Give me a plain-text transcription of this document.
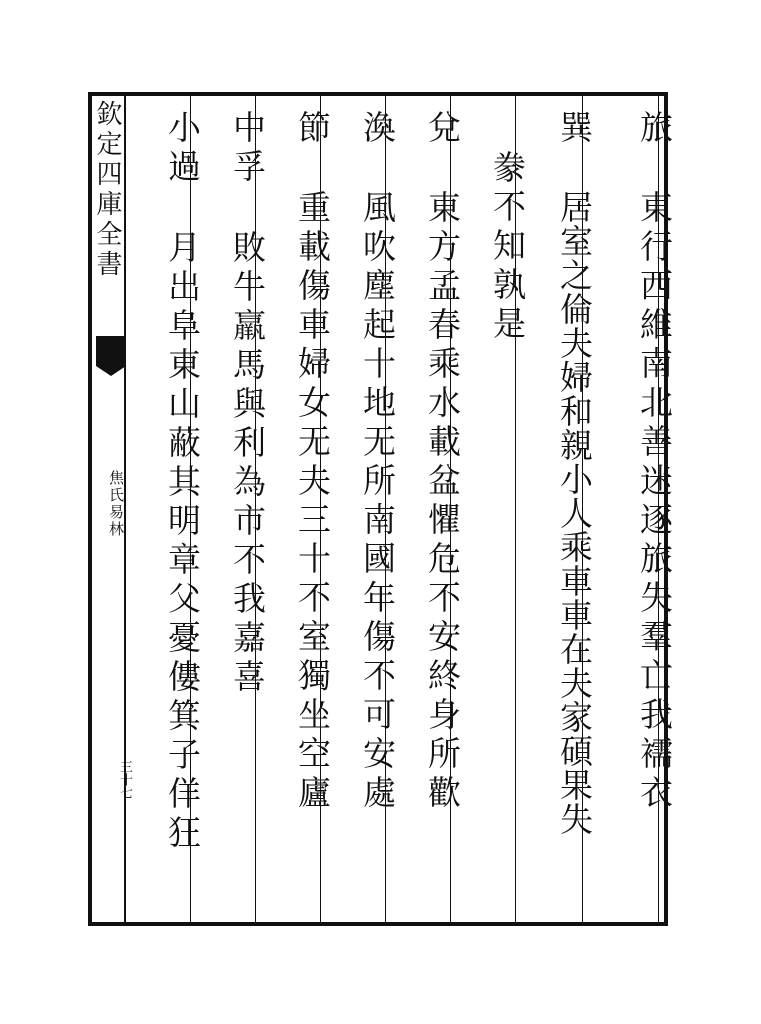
欽定四庫全書
焦氏易林
三十七
旅
東行西維南北善迷逐旅失羣亡我襦衣
巽
居室之倫夫婦和親小人乘車車在夫家碩果失
豢不知孰是
兌
東方孟春乘水載盆懼危不安終身所歡
渙
風吹塵起十地无所南國年傷不可安處
節
重載傷車婦女无夫三十不室獨坐空廬
中孚
敗牛羸馬與利為市不我嘉喜
小過
月出阜東山蔽其明章父憂僂箕子佯狂
